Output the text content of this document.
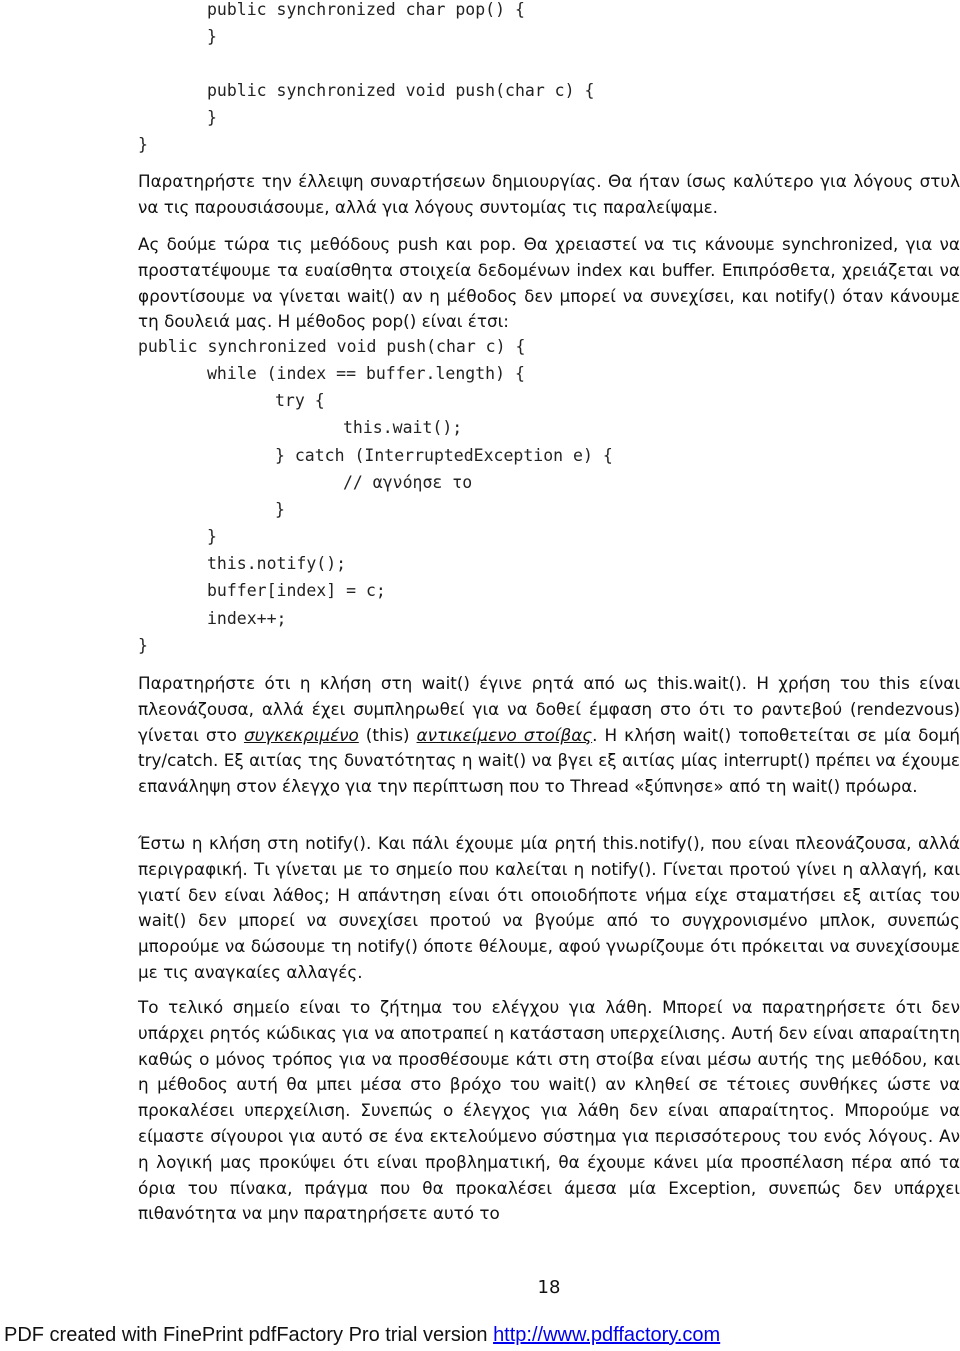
public synchronized char pop() {
}
public synchronized void push(char c) {
}
}

Παρατηρήστε την έλλειψη συναρτήσεων δημιουργίας. Θα ήταν ίσως καλύτερο για λόγους στυλ να τις παρουσιάσουμε, αλλά για λόγους συντομίας τις παραλείψαμε.

Ας δούμε τώρα τις μεθόδους push και pop. Θα χρειαστεί να τις κάνουμε synchronized, για να προστατέψουμε τα ευαίσθητα στοιχεία δεδομένων index και buffer. Επιπρόσθετα, χρειάζεται να φροντίσουμε να γίνεται wait() αν η μέθοδος δεν μπορεί να συνεχίσει, και notify() όταν κάνουμε τη δουλειά μας. Η μέθοδος pop() είναι έτσι:

public synchronized void push(char c) {
while (index == buffer.length) {
try {
this.wait();
} catch (InterruptedException e) {
// αγνόησε το
}
}
this.notify();
buffer[index] = c;
index++;
}

Παρατηρήστε ότι η κλήση στη wait() έγινε ρητά από ως this.wait(). Η χρήση του this είναι πλεονάζουσα, αλλά έχει συμπληρωθεί για να δοθεί έμφαση στο ότι το ραντεβού (rendezvous) γίνεται στο συγκεκριμένο (this) αντικείμενο στοίβας. Η κλήση wait() τοποθετείται σε μία δομή try/catch. Εξ αιτίας της δυνατότητας η wait() να βγει εξ αιτίας μίας interrupt() πρέπει να έχουμε επανάληψη στον έλεγχο για την περίπτωση που το Thread «ξύπνησε» από τη wait() πρόωρα.

Έστω η κλήση στη notify(). Και πάλι έχουμε μία ρητή this.notify(), που είναι πλεονάζουσα, αλλά περιγραφική. Τι γίνεται με το σημείο που καλείται η notify(). Γίνεται προτού γίνει η αλλαγή, και γιατί δεν είναι λάθος; Η απάντηση είναι ότι οποιοδήποτε νήμα είχε σταματήσει εξ αιτίας του wait() δεν μπορεί να συνεχίσει προτού να βγούμε από το συγχρονισμένο μπλοκ, συνεπώς μπορούμε να δώσουμε τη notify() όποτε θέλουμε, αφού γνωρίζουμε ότι πρόκειται να συνεχίσουμε με τις αναγκαίες αλλαγές.

Το τελικό σημείο είναι το ζήτημα του ελέγχου για λάθη. Μπορεί να παρατηρήσετε ότι δεν υπάρχει ρητός κώδικας για να αποτραπεί η κατάσταση υπερχείλισης. Αυτή δεν είναι απαραίτητη καθώς ο μόνος τρόπος για να προσθέσουμε κάτι στη στοίβα είναι μέσω αυτής της μεθόδου, και η μέθοδος αυτή θα μπει μέσα στο βρόχο του wait() αν κληθεί σε τέτοιες συνθήκες ώστε να προκαλέσει υπερχείλιση. Συνεπώς ο έλεγχος για λάθη δεν είναι απαραίτητος. Μπορούμε να είμαστε σίγουροι για αυτό σε ένα εκτελούμενο σύστημα για περισσότερους του ενός λόγους. Αν η λογική μας προκύψει ότι είναι προβληματική, θα έχουμε κάνει μία προσπέλαση πέρα από τα όρια του πίνακα, πράγμα που θα προκαλέσει άμεσα μία Exception, συνεπώς δεν υπάρχει πιθανότητα να μην παρατηρήσετε αυτό το

18
PDF created with FinePrint pdfFactory Pro trial version http://www.pdffactory.com
